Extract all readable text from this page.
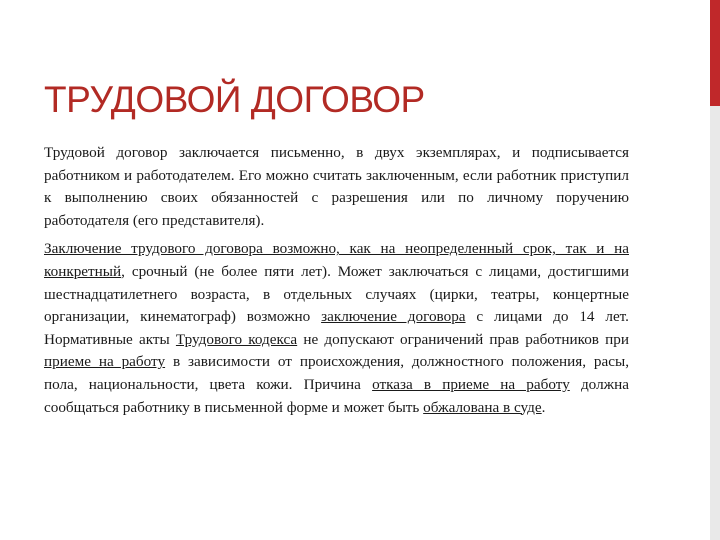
ТРУДОВОЙ ДОГОВОР

Трудовой договор заключается письменно, в двух экземплярах, и подписывается работником и работодателем. Его можно считать заключенным, если работник приступил к выполнению своих обязанностей с разрешения или по личному поручению работодателя (его представителя).

Заключение трудового договора возможно, как на неопределенный срок, так и на конкретный, срочный (не более пяти лет). Может заключаться с лицами, достигшими шестнадцатилетнего возраста, в отдельных случаях (цирки, театры, концертные организации, кинематограф) возможно заключение договора с лицами до 14 лет. Нормативные акты Трудового кодекса не допускают ограничений прав работников при приеме на работу в зависимости от происхождения, должностного положения, расы, пола, национальности, цвета кожи. Причина отказа в приеме на работу должна сообщаться работнику в письменной форме и может быть обжалована в суде.
